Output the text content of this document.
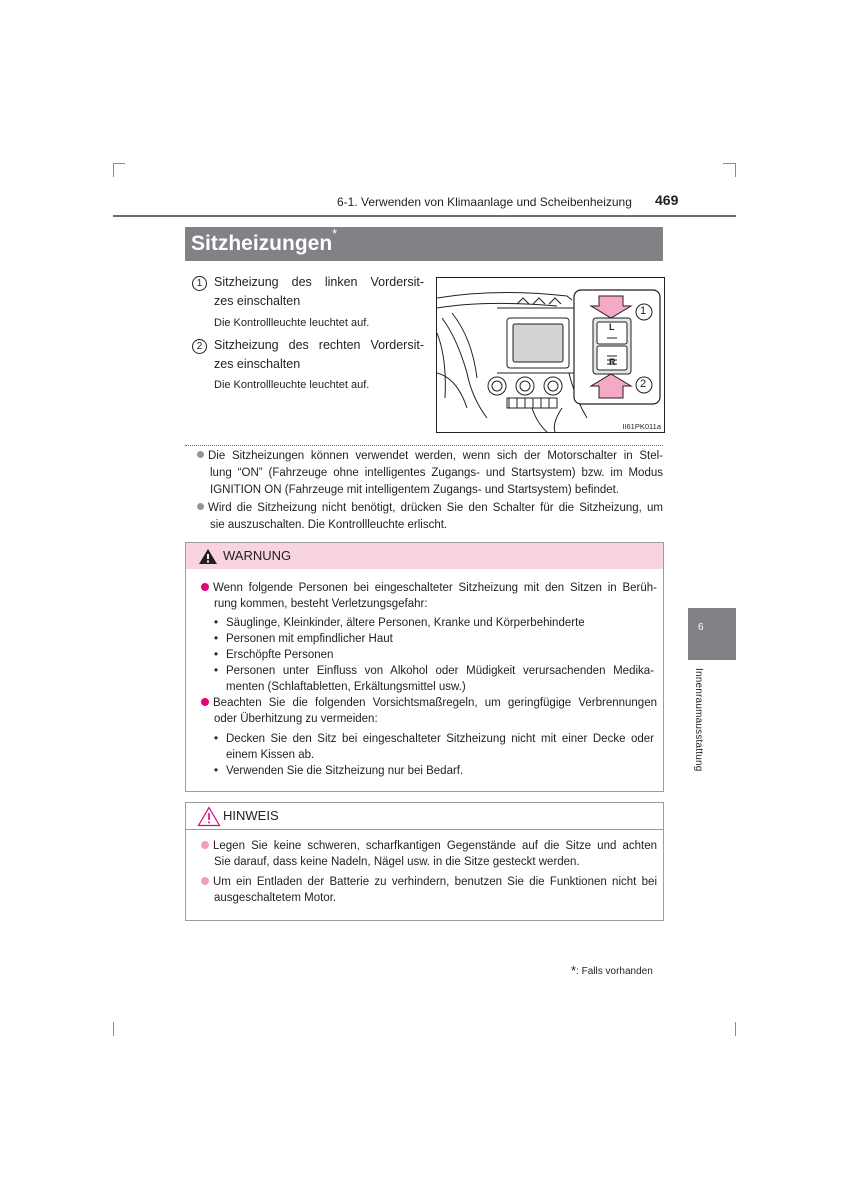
6-1. Verwenden von Klimaanlage und Scheibenheizung 469
Sitzheizungen*
1 Sitzheizung des linken Vordersit-
zes einschalten
Die Kontrollleuchte leuchtet auf.
2 Sitzheizung des rechten Vordersit-
zes einschalten
Die Kontrollleuchte leuchtet auf.
L
R
1
2
II61PK011a
Die Sitzheizungen können verwendet werden, wenn sich der Motorschalter in Stel-
lung “ON” (Fahrzeuge ohne intelligentes Zugangs- und Startsystem) bzw. im Modus
IGNITION ON (Fahrzeuge mit intelligentem Zugangs- und Startsystem) befindet.
Wird die Sitzheizung nicht benötigt, drücken Sie den Schalter für die Sitzheizung, um
sie auszuschalten. Die Kontrollleuchte erlischt.
WARNUNG
Wenn folgende Personen bei eingeschalteter Sitzheizung mit den Sitzen in Berüh-
rung kommen, besteht Verletzungsgefahr:
• Säuglinge, Kleinkinder, ältere Personen, Kranke und Körperbehinderte
• Personen mit empfindlicher Haut
• Erschöpfte Personen
• Personen unter Einfluss von Alkohol oder Müdigkeit verursachenden Medika-
menten (Schlaftabletten, Erkältungsmittel usw.)
Beachten Sie die folgenden Vorsichtsmaßregeln, um geringfügige Verbrennungen
oder Überhitzung zu vermeiden:
• Decken Sie den Sitz bei eingeschalteter Sitzheizung nicht mit einer Decke oder
einem Kissen ab.
• Verwenden Sie die Sitzheizung nur bei Bedarf.
HINWEIS
Legen Sie keine schweren, scharfkantigen Gegenstände auf die Sitze und achten
Sie darauf, dass keine Nadeln, Nägel usw. in die Sitze gesteckt werden.
Um ein Entladen der Batterie zu verhindern, benutzen Sie die Funktionen nicht bei
ausgeschaltetem Motor.
6
Innenraumausstattung
*: Falls vorhanden
